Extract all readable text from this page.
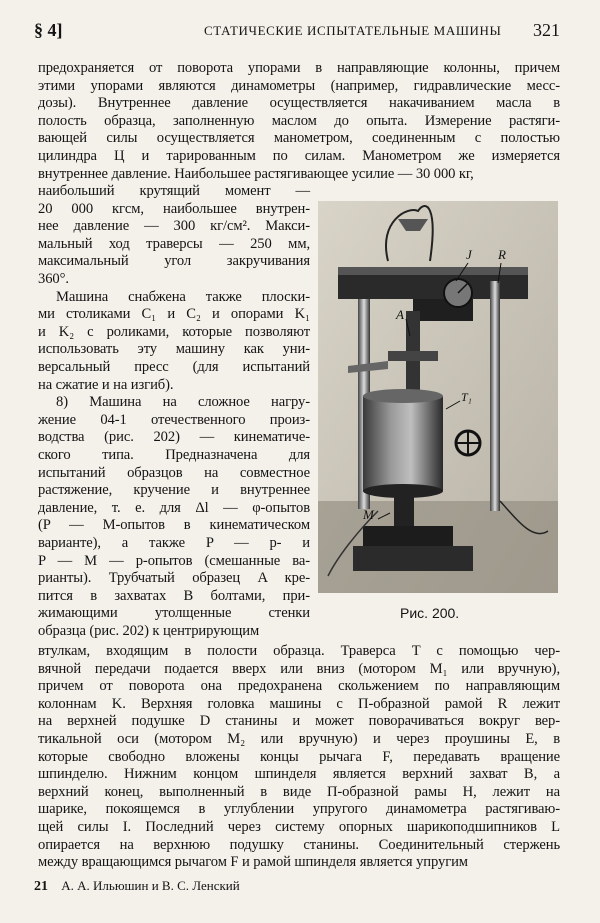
§ 4]	СТАТИЧЕСКИЕ ИСПЫТАТЕЛЬНЫЕ МАШИНЫ 321
предохраняется от поворота упорами в направляющие колонны, причем
этими упорами являются динамометры (например, гидравлические месс-
дозы). Внутреннее давление осуществляется накачиванием масла в
полость образца, заполненную маслом до опыта. Измерение растяги-
вающей силы осуществляется манометром, соединенным с полостью
цилиндра Ц и тарированным по силам. Манометром же измеряется
внутреннее давление. Наибольшее растягивающее усилие — 30 000 кг,
наибольший крутящий момент —
20 000 кгсм, наибольшее внутрен-
нее давление — 300 кг/см². Макси-
мальный ход траверсы — 250 мм,
максимальный угол закручивания
360°.
Машина снабжена также плоски-
ми столиками C₁ и C₂ и опорами K₁
и K₂ с роликами, которые позволяют
использовать эту машину как уни-
версальный пресс (для испытаний
на сжатие и на изгиб).
8) Машина на сложное нагру-
жение 04-1 отечественного произ-
водства (рис. 202) — кинематиче-
ского типа. Предназначена для
испытаний образцов на совместное
растяжение, кручение и внутреннее
давление, т. е. для Δl — φ-опытов
(P — M-опытов в кинематическом
варианте), а также P — p- и
P — M — p-опытов (смешанные ва-
рианты). Трубчатый образец A кре-
пится в захватах B болтами, при-
жимающими утолщенные стенки
образца (рис. 202) к центрирующим
втулкам, входящим в полости образца. Траверса T с помощью чер-
вячной передачи подается вверх или вниз (мотором M₁ или вручную),
причем от поворота она предохранена скольжением по направляющим
колоннам K. Верхняя головка машины с П-образной рамой R лежит
на верхней подушке D станины и может поворачиваться вокруг вер-
тикальной оси (мотором M₂ или вручную) и через проушины E, в
которые свободно вложены концы рычага F, передавать вращение
шпинделю. Нижним концом шпинделя является верхний захват B, а
верхний конец, выполненный в виде П-образной рамы H, лежит на
шарике, покоящемся в углублении упругого динамометра растягиваю-
щей силы I. Последний через систему опорных шарикоподшипников L
опирается на верхнюю подушку станины. Соединительный стержень
между вращающимся рычагом F и рамой шпинделя является упругим
J R
A
T₁
M
Рис. 200.
21 А. А. Ильюшин и В. С. Ленский
